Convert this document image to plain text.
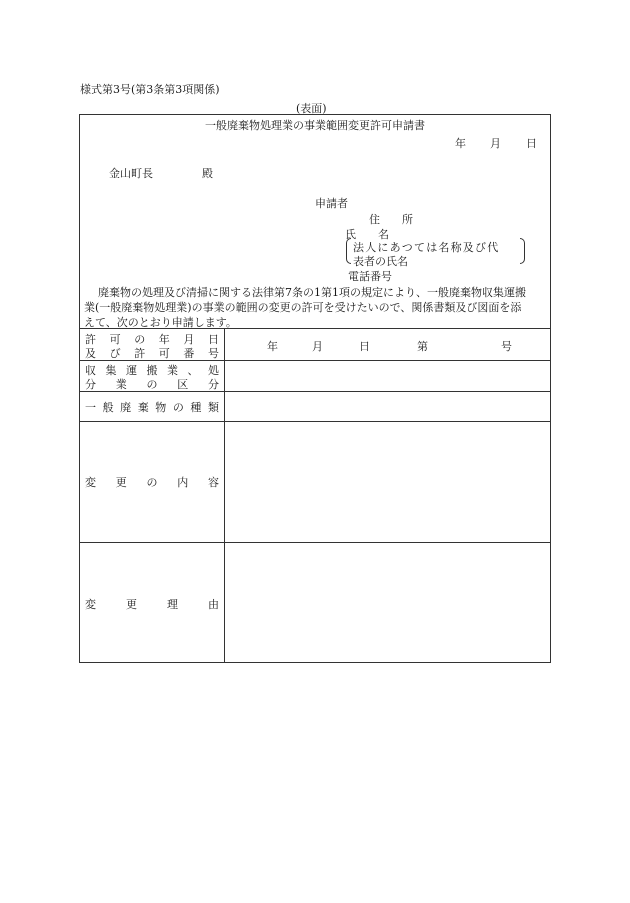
様式第3号(第3条第3項関係)
(表面)
一般廃棄物処理業の事業範囲変更許可申請書
年 月 日
金山町長	殿
申請者
住　　所
氏　　名
法人にあつては名称及び代
表者の氏名
電話番号
廃棄物の処理及び清掃に関する法律第7条の1第1項の規定により、一般廃棄物収集運搬
業(一般廃棄物処理業)の事業の範囲の変更の許可を受けたいので、関係書類及び図面を添
えて、次のとおり申請します。
許 可 の 年 月 日
及 び 許 可 番 号
年	月	日	第	号
収 集 運 搬 業 、 処
分 業 の 区 分
一 般 廃 棄 物 の 種 類
変 更 の 内 容
変	更	理	由
